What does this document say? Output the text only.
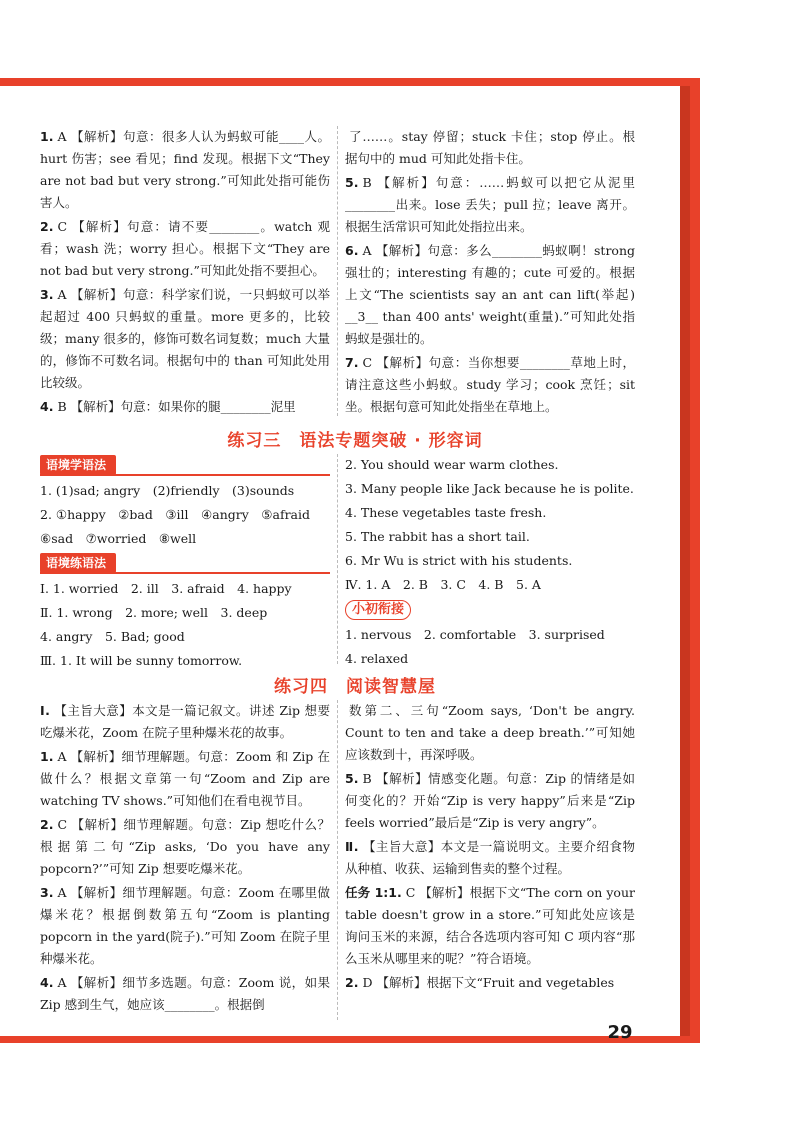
1. A 【解析】句意：很多人认为蚂蚁可能____人。hurt 伤害；see 看见；find 发现。根据下文“They are not bad but very strong.”可知此处指可能伤害人。

2. C 【解析】句意：请不要________。watch 观看；wash 洗；worry 担心。根据下文“They are not bad but very strong.”可知此处指不要担心。

3. A 【解析】句意：科学家们说，一只蚂蚁可以举起超过 400 只蚂蚁的重量。more 更多的，比较级；many 很多的，修饰可数名词复数；much 大量的，修饰不可数名词。根据句中的 than 可知此处用比较级。

4. B 【解析】句意：如果你的腿________泥里

了……。stay 停留；stuck 卡住；stop 停止。根据句中的 mud 可知此处指卡住。

5. B 【解析】句意：……蚂蚁可以把它从泥里________出来。lose 丢失；pull 拉；leave 离开。根据生活常识可知此处指拉出来。

6. A 【解析】句意：多么________蚂蚁啊！strong 强壮的；interesting 有趣的；cute 可爱的。根据上文“The scientists say an ant can lift(举起) __3__ than 400 ants' weight(重量).”可知此处指蚂蚁是强壮的。

7. C 【解析】句意：当你想要________草地上时，请注意这些小蚂蚁。study 学习；cook 烹饪；sit 坐。根据句意可知此处指坐在草地上。

练习三　语法专题突破 · 形容词
语境学语法

1. (1)sad; angry　(2)friendly　(3)sounds

2. ①happy　②bad　③ill　④angry　⑤afraid

⑥sad　⑦worried　⑧well

语境练语法

Ⅰ. 1. worried　2. ill　3. afraid　4. happy

Ⅱ. 1. wrong　2. more; well　3. deep

4. angry　5. Bad; good

Ⅲ. 1. It will be sunny tomorrow.

2. You should wear warm clothes.

3. Many people like Jack because he is polite.

4. These vegetables taste fresh.

5. The rabbit has a short tail.

6. Mr Wu is strict with his students.

Ⅳ. 1. A　2. B　3. C　4. B　5. A

小初衔接

1. nervous　2. comfortable　3. surprised

4. relaxed

练习四　阅读智慧屋

Ⅰ. 【主旨大意】本文是一篇记叙文。讲述 Zip 想要吃爆米花，Zoom 在院子里种爆米花的故事。

1. A 【解析】细节理解题。句意：Zoom 和 Zip 在做什么？根据文章第一句“Zoom and Zip are watching TV shows.”可知他们在看电视节目。

2. C 【解析】细节理解题。句意：Zip 想吃什么？根据第二句“Zip asks, ‘Do you have any popcorn?’”可知 Zip 想要吃爆米花。

3. A 【解析】细节理解题。句意：Zoom 在哪里做爆米花？根据倒数第五句“Zoom is planting popcorn in the yard(院子).”可知 Zoom 在院子里种爆米花。

4. A 【解析】细节多选题。句意：Zoom 说，如果 Zip 感到生气，她应该________。根据倒

数第二、三句“Zoom says, ‘Don't be angry. Count to ten and take a deep breath.’”可知她应该数到十，再深呼吸。

5. B 【解析】情感变化题。句意：Zip 的情绪是如何变化的？开始“Zip is very happy”后来是“Zip feels worried”最后是“Zip is very angry”。

Ⅱ. 【主旨大意】本文是一篇说明文。主要介绍食物从种植、收获、运输到售卖的整个过程。

任务 1:1. C 【解析】根据下文“The corn on your table doesn't grow in a store.”可知此处应该是询问玉米的来源，结合各选项内容可知 C 项内容“那么玉米从哪里来的呢？”符合语境。

2. D 【解析】根据下文“Fruit and vegetables

29
